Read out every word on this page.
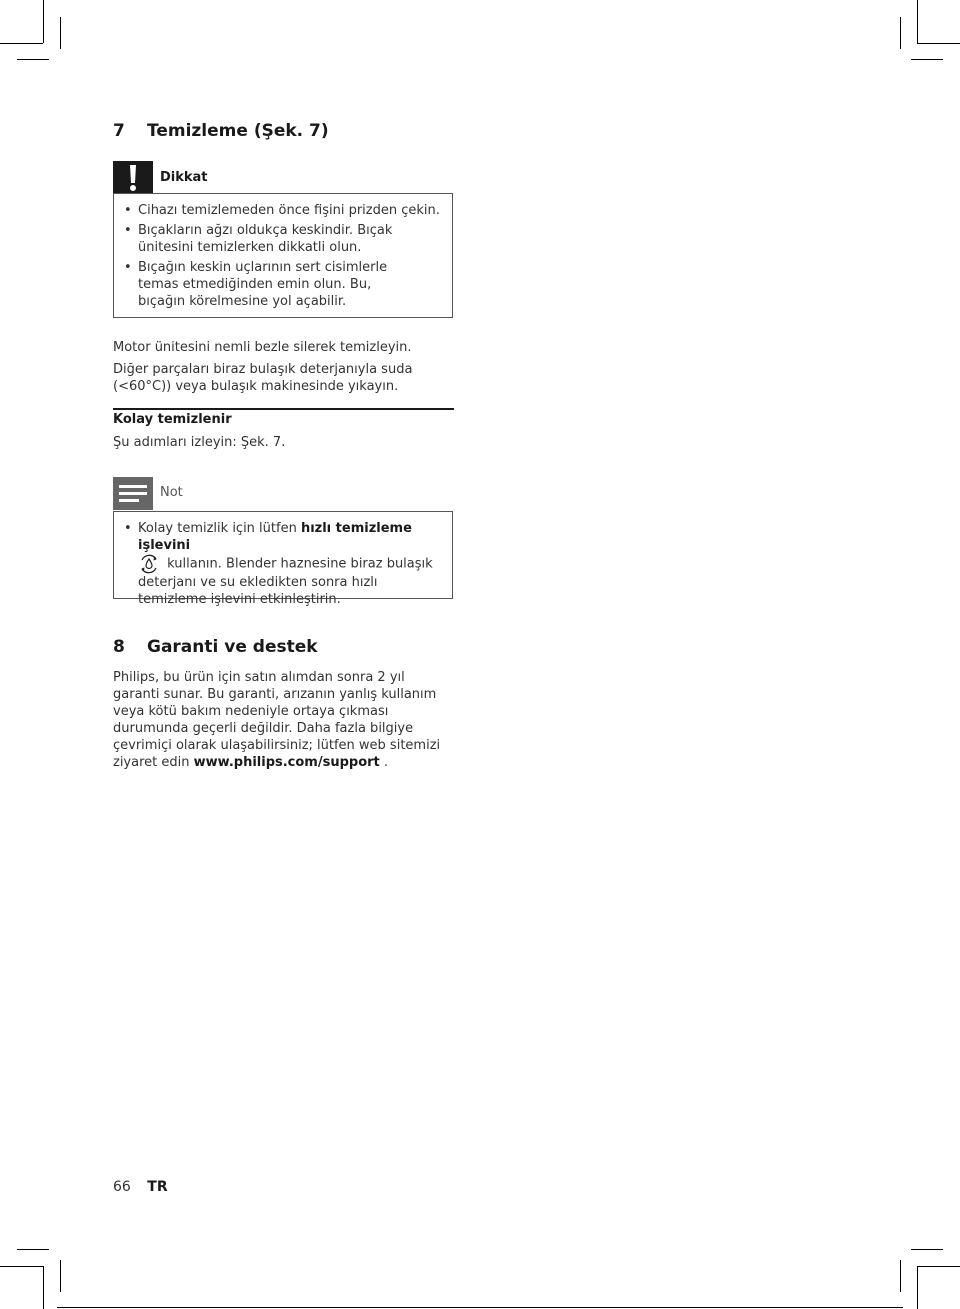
7 Temizleme (Şek. 7)
Dikkat
• Cihazı temizlemeden önce fişini prizden çekin.
• Bıçakların ağzı oldukça keskindir. Bıçak ünitesini temizlerken dikkatli olun.
• Bıçağın keskin uçlarının sert cisimlerle temas etmediğinden emin olun. Bu, bıçağın körelmesine yol açabilir.

Motor ünitesini nemli bezle silerek temizleyin.

Diğer parçaları biraz bulaşık deterjanıyla suda (<60°C)) veya bulaşık makinesinde yıkayın.

Kolay temizlenir

Şu adımları izleyin: Şek. 7.

Not
• Kolay temizlik için lütfen hızlı temizleme işlevini
kullanın. Blender haznesine biraz bulaşık deterjanı ve su ekledikten sonra hızlı temizleme işlevini etkinleştirin.
8 Garanti ve destek

Philips, bu ürün için satın alımdan sonra 2 yıl garanti sunar. Bu garanti, arızanın yanlış kullanım veya kötü bakım nedeniyle ortaya çıkması durumunda geçerli değildir. Daha fazla bilgiye çevrimiçi olarak ulaşabilirsiniz; lütfen web sitemizi ziyaret edin www.philips.com/support .

66 TR
